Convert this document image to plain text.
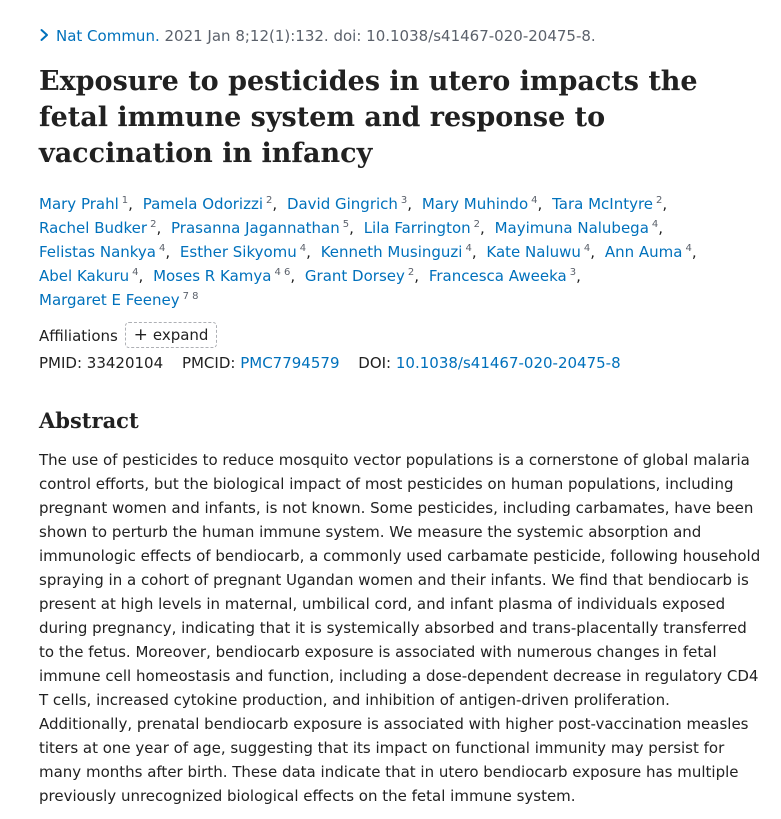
Nat Commun. 2021 Jan 8;12(1):132. doi: 10.1038/s41467-020-20475-8.
Exposure to pesticides in utero impacts the fetal immune system and response to vaccination in infancy
Mary Prahl $^1$, Pamela Odorizzi $^2$, David Gingrich $^3$, Mary Muhindo $^4$, Tara McIntyre $^2$, Rachel Budker $^2$, Prasanna Jagannathan $^5$, Lila Farrington $^2$, Mayimuna Nalubega $^4$, Felistas Nankya $^4$, Esther Sikyomu $^4$, Kenneth Musinguzi $^4$, Kate Naluwu $^4$, Ann Auma $^4$, Abel Kakuru $^4$, Moses R Kamya $^{4 6}$, Grant Dorsey $^2$, Francesca Aweeka $^3$, Margaret E Feeney $^{7 8}$
Affiliations + expand
PMID: 33420104 PMCID: PMC7794579 DOI: 10.1038/s41467-020-20475-8
Abstract

The use of pesticides to reduce mosquito vector populations is a cornerstone of global malaria control efforts, but the biological impact of most pesticides on human populations, including pregnant women and infants, is not known. Some pesticides, including carbamates, have been shown to perturb the human immune system. We measure the systemic absorption and immunologic effects of bendiocarb, a commonly used carbamate pesticide, following household spraying in a cohort of pregnant Ugandan women and their infants. We find that bendiocarb is present at high levels in maternal, umbilical cord, and infant plasma of individuals exposed during pregnancy, indicating that it is systemically absorbed and trans-placentally transferred to the fetus. Moreover, bendiocarb exposure is associated with numerous changes in fetal immune cell homeostasis and function, including a dose-dependent decrease in regulatory CD4 T cells, increased cytokine production, and inhibition of antigen-driven proliferation. Additionally, prenatal bendiocarb exposure is associated with higher post-vaccination measles titers at one year of age, suggesting that its impact on functional immunity may persist for many months after birth. These data indicate that in utero bendiocarb exposure has multiple previously unrecognized biological effects on the fetal immune system.
